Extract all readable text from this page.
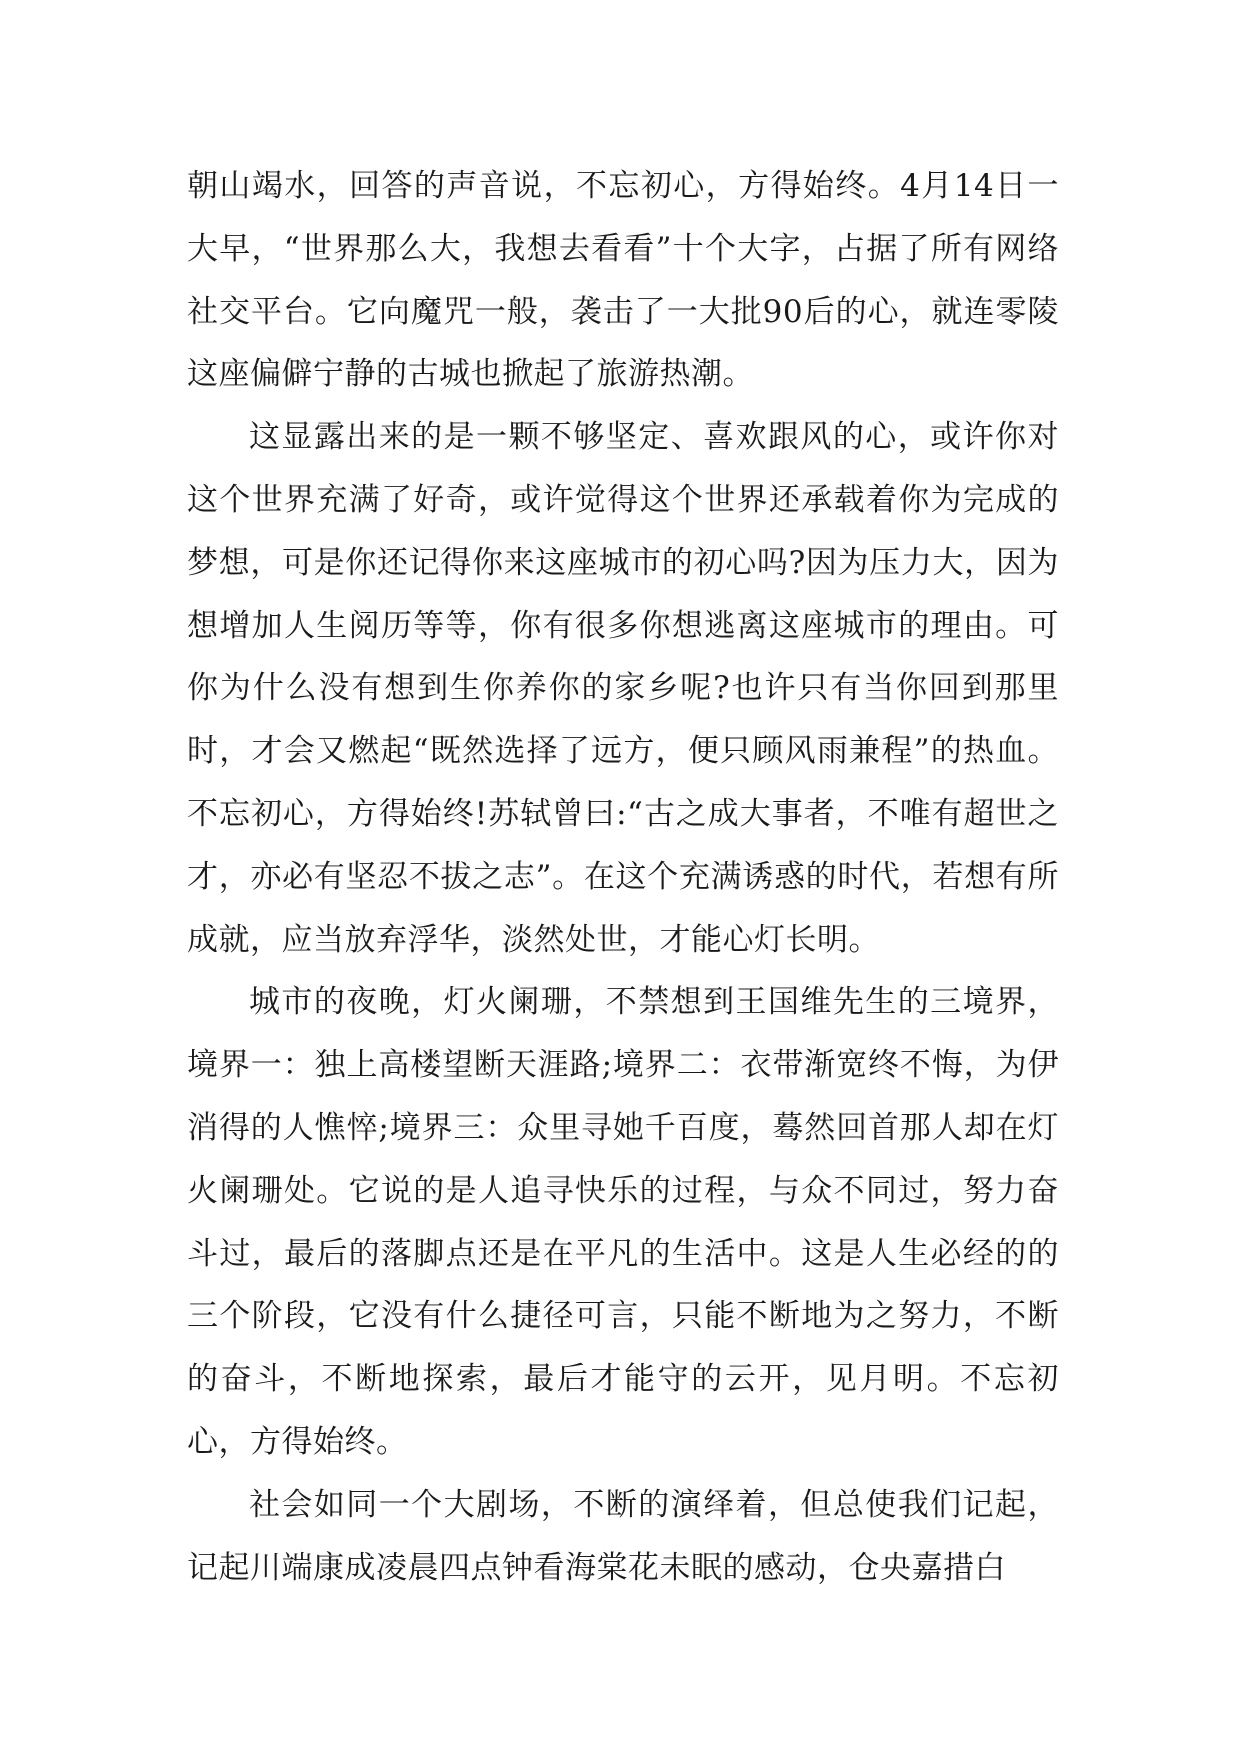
朝山竭水，回答的声音说，不忘初心，方得始终。4月14日一大早，“世界那么大，我想去看看”十个大字，占据了所有网络社交平台。它向魔咒一般，袭击了一大批90后的心，就连零陵这座偏僻宁静的古城也掀起了旅游热潮。

这显露出来的是一颗不够坚定、喜欢跟风的心，或许你对这个世界充满了好奇，或许觉得这个世界还承载着你为完成的梦想，可是你还记得你来这座城市的初心吗?因为压力大，因为想增加人生阅历等等，你有很多你想逃离这座城市的理由。可你为什么没有想到生你养你的家乡呢?也许只有当你回到那里时，才会又燃起“既然选择了远方，便只顾风雨兼程”的热血。不忘初心，方得始终!苏轼曾曰:“古之成大事者，不唯有超世之才，亦必有坚忍不拔之志”。在这个充满诱惑的时代，若想有所成就，应当放弃浮华，淡然处世，才能心灯长明。

城市的夜晚，灯火阑珊，不禁想到王国维先生的三境界，境界一：独上高楼望断天涯路;境界二：衣带渐宽终不悔，为伊消得的人憔悴;境界三：众里寻她千百度，蓦然回首那人却在灯火阑珊处。它说的是人追寻快乐的过程，与众不同过，努力奋斗过，最后的落脚点还是在平凡的生活中。这是人生必经的的三个阶段，它没有什么捷径可言，只能不断地为之努力，不断的奋斗，不断地探索，最后才能守的云开，见月明。不忘初心，方得始终。

社会如同一个大剧场，不断的演绎着，但总使我们记起，记起川端康成凌晨四点钟看海棠花未眠的感动，仓央嘉措白
